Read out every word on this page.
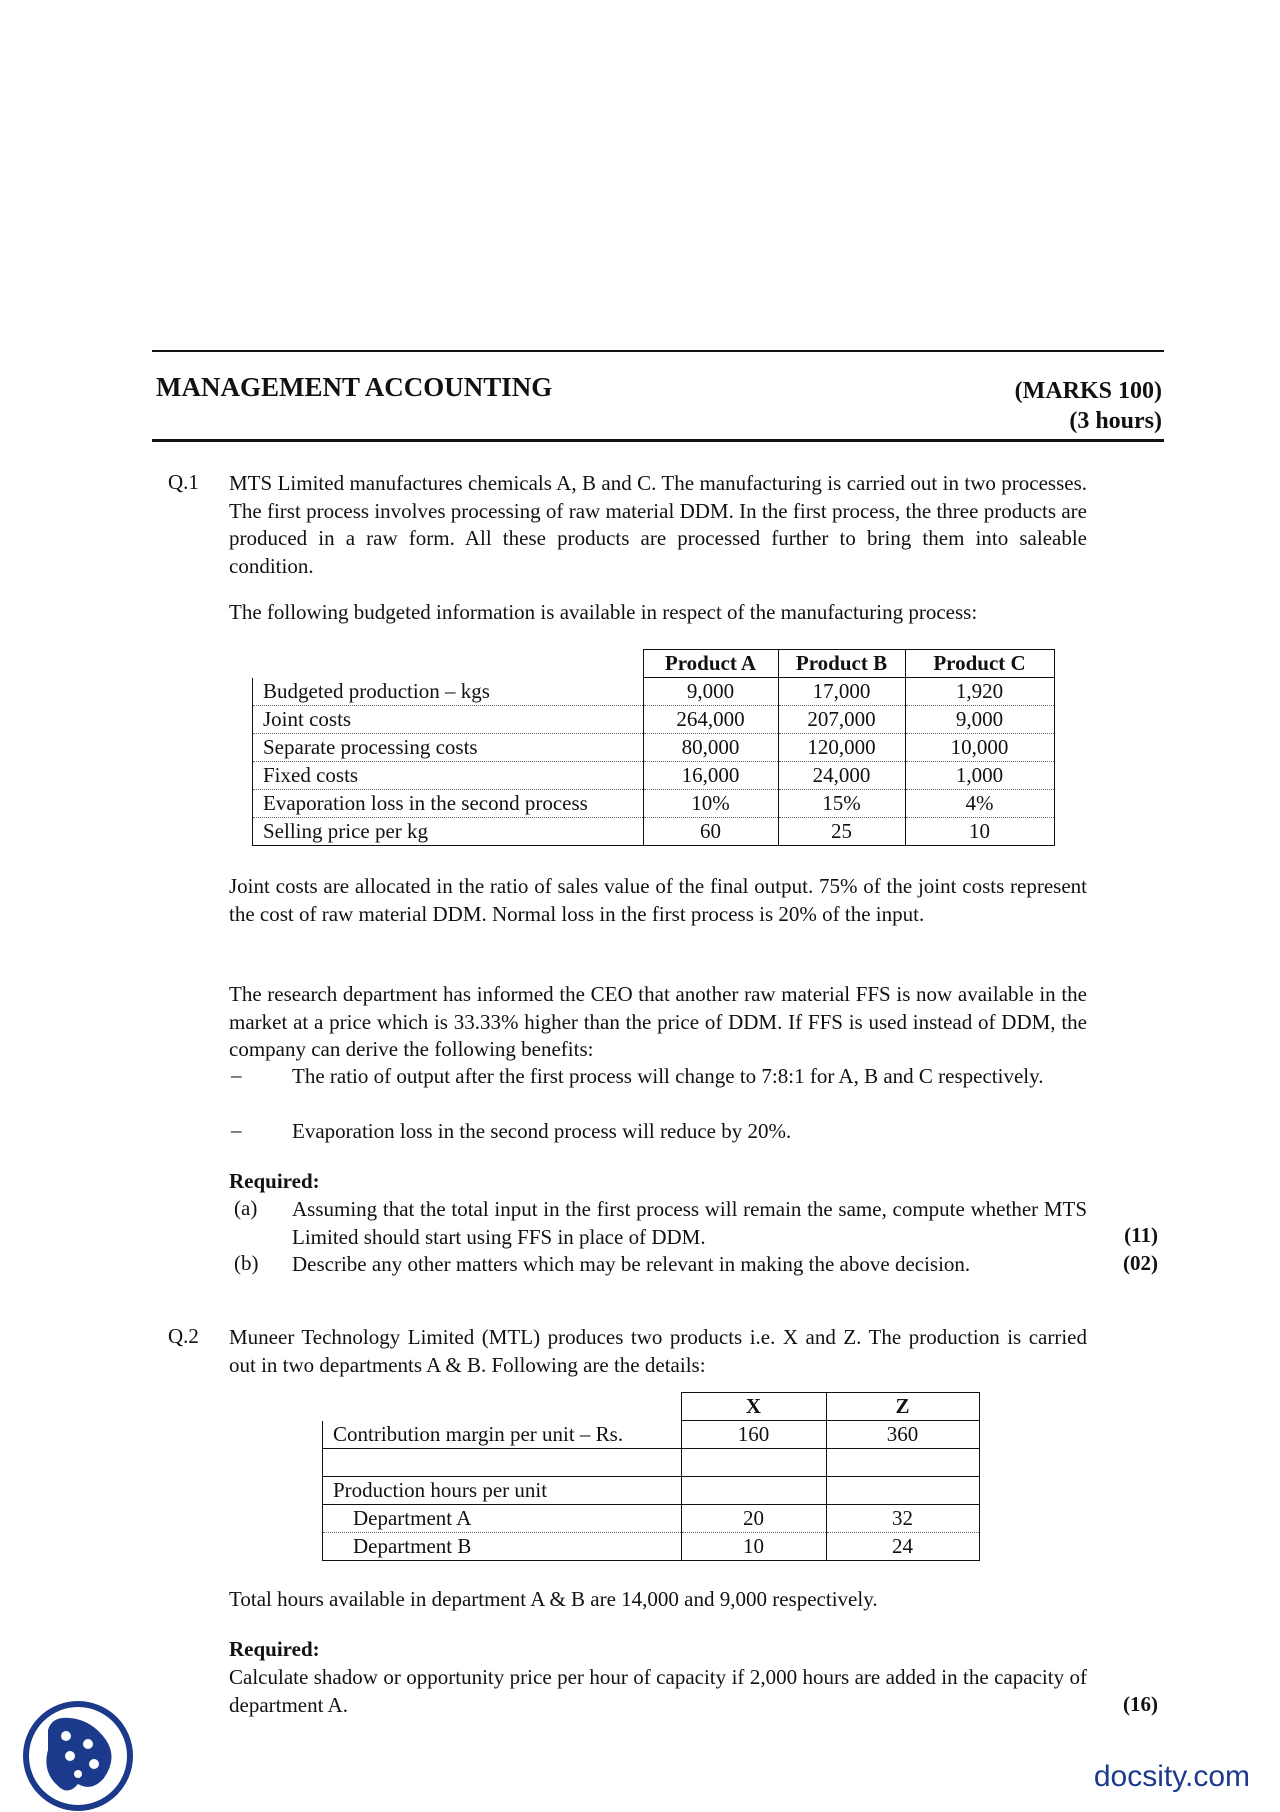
MANAGEMENT ACCOUNTING	(MARKS 100)
(3 hours)
Q.1 MTS Limited manufactures chemicals A, B and C. The manufacturing is carried out in two processes. The first process involves processing of raw material DDM. In the first process, the three products are produced in a raw form. All these products are processed further to bring them into saleable condition.
The following budgeted information is available in respect of the manufacturing process:
	Product A	Product B	Product C
Budgeted production – kgs	9,000	17,000	1,920
Joint costs	264,000	207,000	9,000
Separate processing costs	80,000	120,000	10,000
Fixed costs	16,000	24,000	1,000
Evaporation loss in the second process	10%	15%	4%
Selling price per kg	60	25	10
Joint costs are allocated in the ratio of sales value of the final output. 75% of the joint costs represent the cost of raw material DDM. Normal loss in the first process is 20% of the input.
The research department has informed the CEO that another raw material FFS is now available in the market at a price which is 33.33% higher than the price of DDM. If FFS is used instead of DDM, the company can derive the following benefits:
– The ratio of output after the first process will change to 7:8:1 for A, B and C respectively.
– Evaporation loss in the second process will reduce by 20%.
Required:
(a) Assuming that the total input in the first process will remain the same, compute whether MTS Limited should start using FFS in place of DDM.	(11)
(b) Describe any other matters which may be relevant in making the above decision.	(02)
Q.2 Muneer Technology Limited (MTL) produces two products i.e. X and Z. The production is carried out in two departments A & B. Following are the details:
	X	Z
Contribution margin per unit – Rs.	160	360

Production hours per unit		
Department A	20	32
Department B	10	24
Total hours available in department A & B are 14,000 and 9,000 respectively.
Required:
Calculate shadow or opportunity price per hour of capacity if 2,000 hours are added in the capacity of department A.	(16)
docsity.com
